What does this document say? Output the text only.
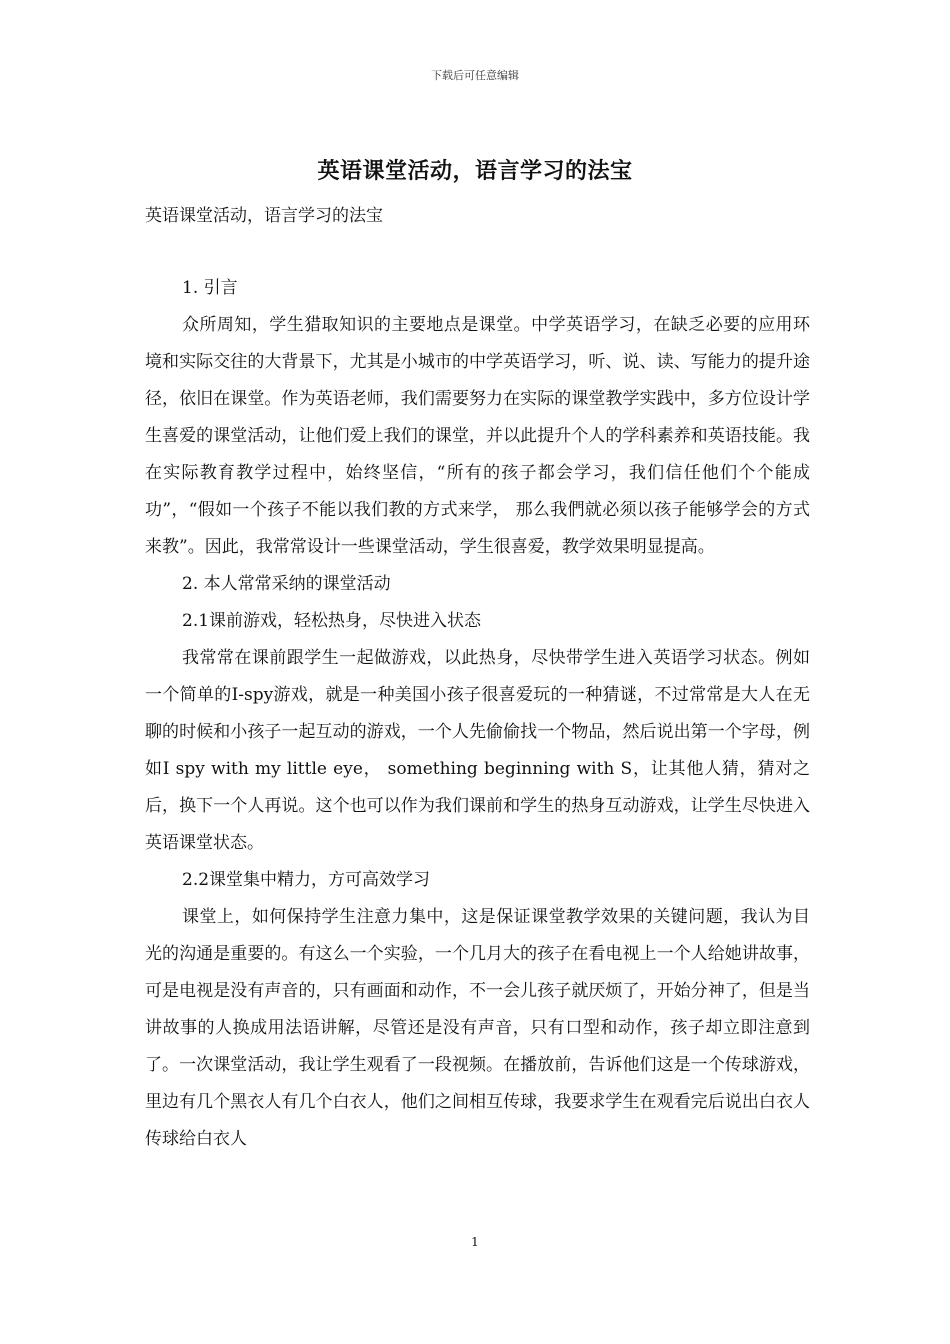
下载后可任意编辑
英语课堂活动，语言学习的法宝
英语课堂活动，语言学习的法宝

1. 引言

众所周知，学生猎取知识的主要地点是课堂。中学英语学习，在缺乏必要的应用环境和实际交往的大背景下，尤其是小城市的中学英语学习，听、说、读、写能力的提升途径，依旧在课堂。作为英语老师，我们需要努力在实际的课堂教学实践中，多方位设计学生喜爱的课堂活动，让他们爱上我们的课堂，并以此提升个人的学科素养和英语技能。我在实际教育教学过程中，始终坚信，“所有的孩子都会学习，我们信任他们个个能成功”，“假如一个孩子不能以我们教的方式来学， 那么我們就必须以孩子能够学会的方式来教”。因此，我常常设计一些课堂活动，学生很喜爱，教学效果明显提高。

2. 本人常常采纳的课堂活动

2.1课前游戏，轻松热身，尽快进入状态

我常常在课前跟学生一起做游戏，以此热身，尽快带学生进入英语学习状态。例如一个简单的I-spy游戏，就是一种美国小孩子很喜爱玩的一种猜谜，不过常常是大人在无聊的时候和小孩子一起互动的游戏，一个人先偷偷找一个物品，然后说出第一个字母，例如I spy with my little eye， something beginning with S，让其他人猜，猜对之后，换下一个人再说。这个也可以作为我们课前和学生的热身互动游戏，让学生尽快进入英语课堂状态。

2.2课堂集中精力，方可高效学习

课堂上，如何保持学生注意力集中，这是保证课堂教学效果的关键问题，我认为目光的沟通是重要的。有这么一个实验，一个几月大的孩子在看电视上一个人给她讲故事，可是电视是没有声音的，只有画面和动作，不一会儿孩子就厌烦了，开始分神了，但是当讲故事的人换成用法语讲解，尽管还是没有声音，只有口型和动作，孩子却立即注意到了。一次课堂活动，我让学生观看了一段视频。在播放前，告诉他们这是一个传球游戏，里边有几个黑衣人有几个白衣人，他们之间相互传球，我要求学生在观看完后说出白衣人传球给白衣人

1
